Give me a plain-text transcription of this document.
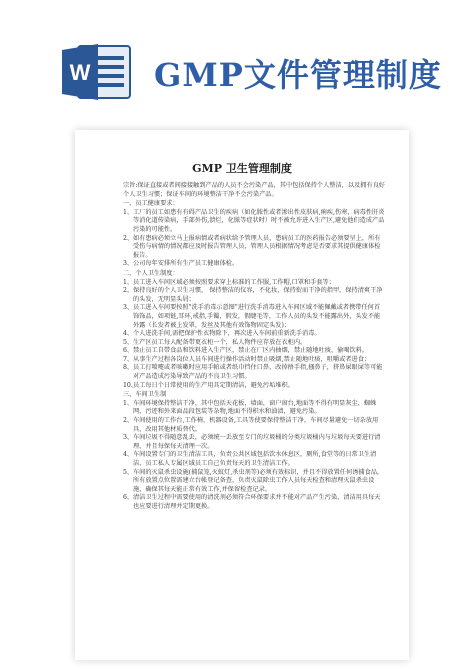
W GMP文件管理制度
GMP 卫生管理制度

宗旨:保证直接或者间接接触到产品的人员不会污染产品，其中包括保持个人整洁，以及拥有良好个人卫生习惯；保证车间的环境整洁干净不会污染产品。

一、员工健康要求：

1、 工厂的员工如患有有碍产品卫生的疾病（如化脓性或者渗出性皮肤病,痢疾,伤寒，病毒性肝炎等消化道传染病，手部外伤,溃烂，化脓等症状时）时不被允许进入生产区,避免他们造成产品污染的可能性。
2、 如有患病必须立马上报病情或者病状给予管理人员，患病员工的医药报告必须要呈上，所有受伤与病情的情况都应及时报告管理人员，管理人员根据情况考虑是否要求其提供健康体检报告。
3、 公司每年安排所有生产员工健康体检。

二、个人卫生制度：

1、 员工进入车间区域必须按照要求穿上标准的工作服,工作帽,口罩和手套等；
2、 保持良好的个人卫生习惯， 保持整洁的仪容，不化妆，保持衔而干净的指甲，保持清爽干净的头发，无明显头屑；
3、 员工进入车间要按照"洗手消毒示意图"进行洗手消毒进入车间区域不能佩戴或者携带任何首饰饰品，如项链,耳环,戒指,手镯，假发，假睫毛等，工作人员的头发不能露出外，头发不能外露（长发者被上发罩，发丝及其他有效饰物固定头发)；
4、 个人进洗手间,需把保护性衣物除下，再次进入车间前重新洗手消毒。
5、 生产区员工每人配备带更衣柜一个，私人物件应存放在衣柜内。
6、 禁止员工自带食品和饮料进入生产区，禁止在厂区内抽烟，禁止随地吐痰，偷喝饮料。
7、 从事生产过程各岗位人员车间进行操作活动时禁止吸烟,禁止随地吐痰，咀嚼或者进食；
8、 员工打喷嚏或者咳嗽时应用手帕或者纸巾挡住口鼻，改掉捂手指,搔鼻子，挤鼻屎眼屎等可能对产品造成污染导致产品的不良卫生习惯。
10、
员工每日个日常使用的生产用具定期清洁，避免污垢堆积。

三、车间卫生制

1、 车间环境保持整洁干净，其中包括天花板，墙面，窗户窗台,地面等不得有明显灰尘，蜘蛛网，污迹和外来面品段包装等杂物,地面不得积水和油渍，避免污染。
2、 车间使用的工作台,工作椅，机器设备,工具等使要保持整洁干净，车间尽量避免一切杂放用具，改用其他材质替代。
3、 车间垃圾不得随意乱丢，必须统一丢放至专门的垃圾桶的分类垃圾桶内与垃圾每天要进行清理，并且每保每天清理一次。
4、 车间设置专门的卫生清洁工具，负责公共区域包括饮水休息区，厕所,食堂等的日常卫生清洁，员工私人专属区域员工自己负责每天的卫生清洁工作。
5、 车间的灭鼠杀虫设施(捕鼠笼,灭蚊灯,杀虫剂等)必须有效标识，并且不得放置任何诱捕食品，所有放置点位置需建立台帐登记备查，负责灭鼠除虫工作人员每天检查和清理灭鼠杀虫设施，确保其每天能正常有效工作,并保留检查记录。
6、 清洁卫生过程中需要使用的清洗剂必须符合环保要求并不能对产品产生污染，清洁用具每天也应要进行清理并定期更换。
